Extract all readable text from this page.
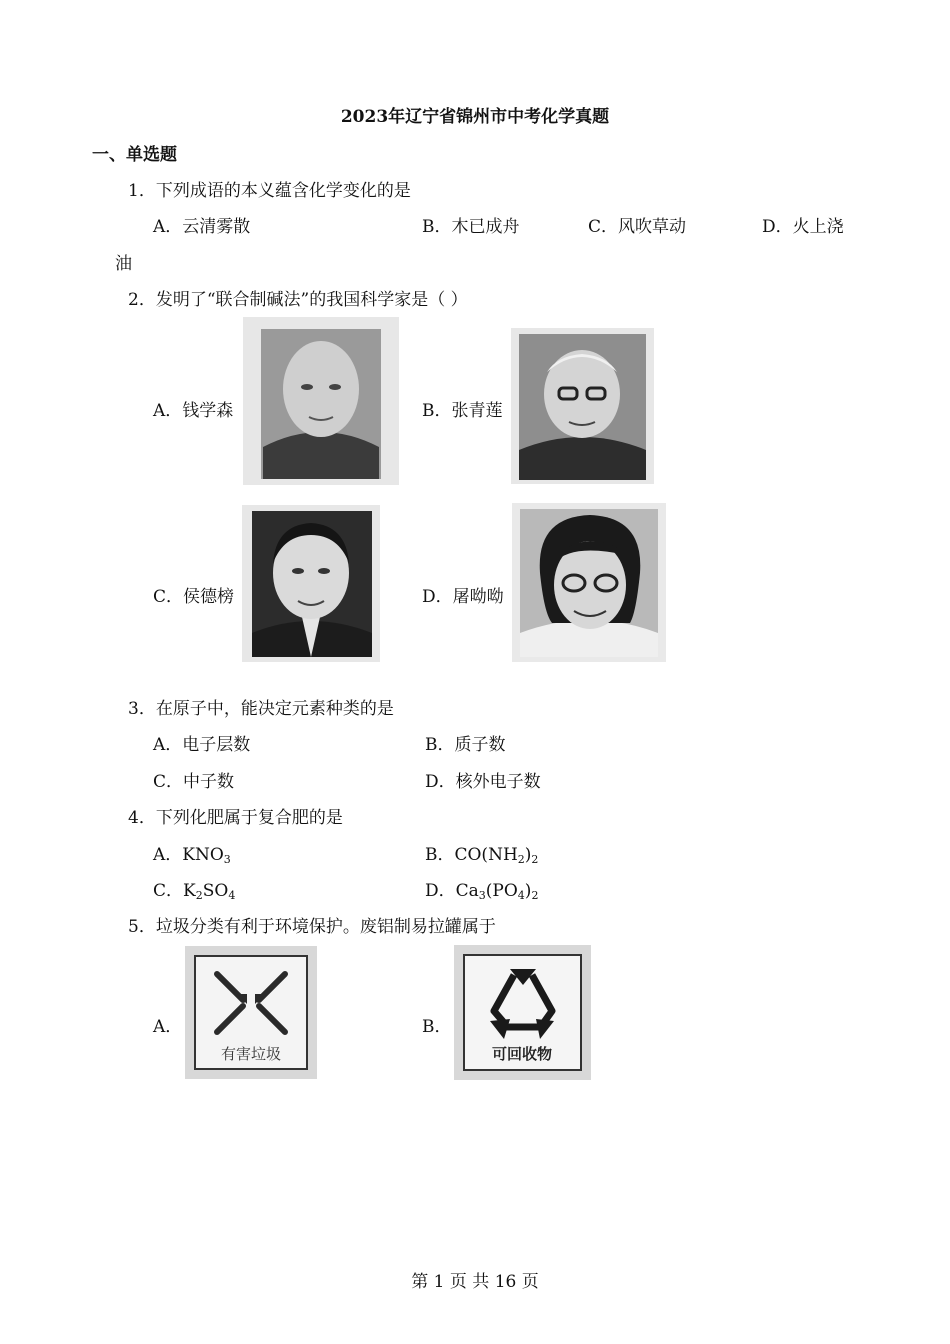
2023年辽宁省锦州市中考化学真题
一、单选题
1．下列成语的本义蕴含化学变化的是
A．云清雾散	B．木已成舟	C．风吹草动	D．火上浇
油
2．发明了“联合制碱法”的我国科学家是（ ）
A．钱学森	B．张青莲
C．侯德榜	D．屠呦呦
3．在原子中，能决定元素种类的是
A．电子层数	B．质子数
C．中子数	D．核外电子数
4．下列化肥属于复合肥的是
A．$KNO_3$	B．$CO(NH_2)_2$
C．$K_2SO_4$	D．$Ca_3(PO_4)_2$
5．垃圾分类有利于环境保护。废铝制易拉罐属于
A．
有害垃圾
B．
可回收物
第 1 页 共 16 页
